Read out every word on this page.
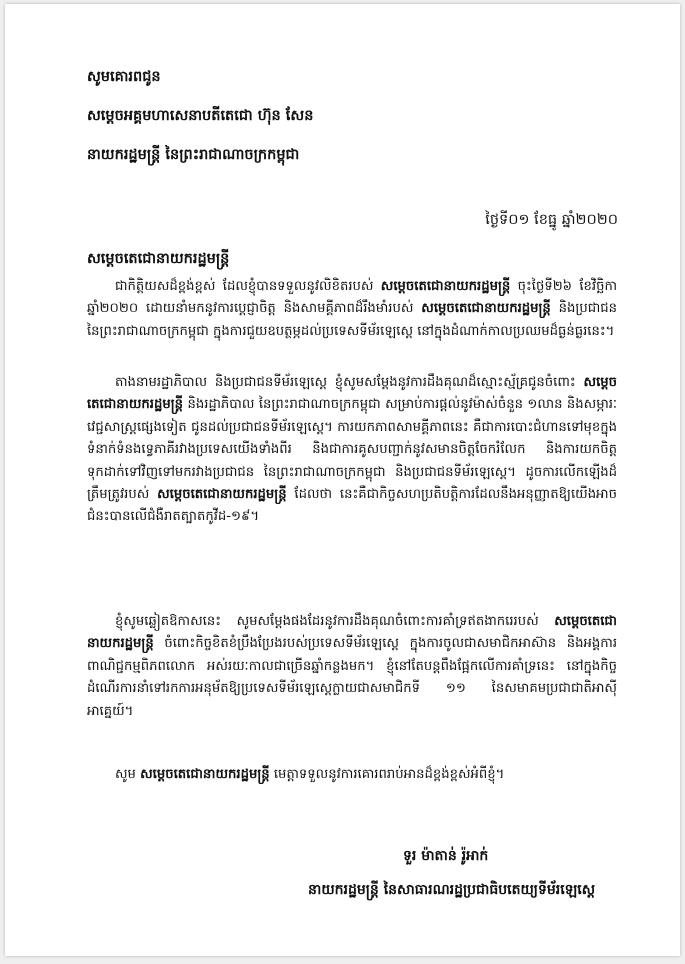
សូមគោរពជូន
សម្តេចអគ្គមហាសេនាបតីតេជោ ហ៊ុន សែន
នាយករដ្ឋមន្ត្រី នៃព្រះរាជាណាចក្រកម្ពុជា
ថ្ងៃទី០១ ខែធ្នូ ឆ្នាំ២០២០
សម្តេចតេជោនាយករដ្ឋមន្ត្រី

ជាកិត្តិយសដ៏ខ្ពង់ខ្ពស់ ដែលខ្ញុំបានទទួលនូវលិខិតរបស់ សម្តេចតេជោនាយករដ្ឋមន្ត្រី ចុះថ្ងៃទី២៦ ខែវិច្ឆិកា ឆ្នាំ២០២០ ដោយនាំមកនូវការប្តេជ្ញាចិត្ត និងសាមគ្គីភាពដ៏រឹងមាំរបស់ សម្តេចតេជោនាយករដ្ឋមន្ត្រី និងប្រជាជន នៃព្រះរាជាណាចក្រកម្ពុជា ក្នុងការជួយឧបត្ថម្ភដល់ប្រទេសទីម័រឡេស្តេ នៅក្នុងដំណាក់កាលប្រឈមដ៏ធ្ងន់ធ្ងរនេះ។

តាងនាមរដ្ឋាភិបាល និងប្រជាជនទីម័រឡេស្តេ ខ្ញុំសូមសម្តែងនូវការដឹងគុណដ៏ស្មោះស្ម័គ្រជូនចំពោះ សម្តេចតេជោនាយករដ្ឋមន្ត្រី និងរដ្ឋាភិបាល នៃព្រះរាជាណាចក្រកម្ពុជា សម្រាប់ការផ្តល់នូវម៉ាស់ចំនួន ១លាន និងសម្ភារៈវេជ្ជសាស្ត្រផ្សេងទៀត ជូនដល់ប្រជាជនទីម័រឡេស្តេ។ ការយកភាពសាមគ្គីភាពនេះ គឺជាការបោះជំហានទៅមុខក្នុងទំនាក់ទំនងទ្វេភាគីរវាងប្រទេសយើងទាំងពីរ និងជាការគូសបញ្ជាក់នូវសមានចិត្តចែករំលែក និងការយកចិត្តទុកដាក់ទៅវិញទៅមករវាងប្រជាជន នៃព្រះរាជាណាចក្រកម្ពុជា និងប្រជាជនទីម័រឡេស្តេ។ ដូចការលើកឡើងដ៏ត្រឹមត្រូវរបស់ សម្តេចតេជោនាយករដ្ឋមន្ត្រី ដែលថា នេះគឺជាកិច្ចសហប្រតិបត្តិការដែលនឹងអនុញ្ញាតឱ្យយើងអាចជំនះបានលើជំងឺរាតត្បាតកូវីដ-១៩។

ខ្ញុំសូមឆ្លៀតឱកាសនេះ សូមសម្តែងផងដែរនូវការដឹងគុណចំពោះការគាំទ្រឥតងាករេរបស់ សម្តេចតេជោនាយករដ្ឋមន្ត្រី ចំពោះកិច្ចខិតខំប្រឹងប្រែងរបស់ប្រទេសទីម័រឡេស្តេ ក្នុងការចូលជាសមាជិកអាស៊ាន និងអង្គការពាណិជ្ជកម្មពិភពលោក អស់រយៈកាលជាច្រើនឆ្នាំកន្លងមក។ ខ្ញុំនៅតែបន្តពឹងផ្អែកលើការគាំទ្រនេះ នៅក្នុងកិច្ចដំណើរការនាំទៅរកការអនុម័តឱ្យប្រទេសទីម័រឡេស្តេក្លាយជាសមាជិកទី ១១ នៃសមាគមប្រជាជាតិអាស៊ីអាគ្នេយ៍។

សូម សម្តេចតេជោនាយករដ្ឋមន្ត្រី មេត្តាទទួលនូវការគោរពរាប់អានដ៏ខ្ពង់ខ្ពស់អំពីខ្ញុំ។

ទួរ ម៉ាតាន់ រ៉ូអាក់
នាយករដ្ឋមន្ត្រី នៃសាធារណរដ្ឋប្រជាធិបតេយ្យទីម័រឡេស្តេ
